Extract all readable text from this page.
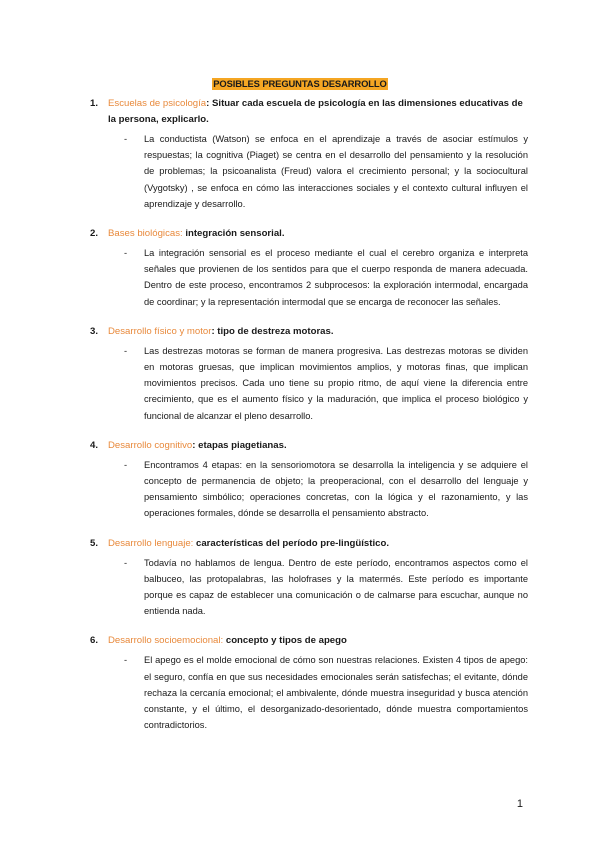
POSIBLES PREGUNTAS DESARROLLO
1. Escuelas de psicología: Situar cada escuela de psicología en las dimensiones educativas de la persona, explicarlo.
- La conductista (Watson) se enfoca en el aprendizaje a través de asociar estímulos y respuestas; la cognitiva (Piaget) se centra en el desarrollo del pensamiento y la resolución de problemas; la psicoanalista (Freud) valora el crecimiento personal; y la sociocultural (Vygotsky) , se enfoca en cómo las interacciones sociales y el contexto cultural influyen el aprendizaje y desarrollo.
2. Bases biológicas: integración sensorial.
- La integración sensorial es el proceso mediante el cual el cerebro organiza e interpreta señales que provienen de los sentidos para que el cuerpo responda de manera adecuada. Dentro de este proceso, encontramos 2 subprocesos: la exploración intermodal, encargada de coordinar; y la representación intermodal que se encarga de reconocer las señales.
3. Desarrollo físico y motor: tipo de destreza motoras.
- Las destrezas motoras se forman de manera progresiva. Las destrezas motoras se dividen en motoras gruesas, que implican movimientos amplios, y motoras finas, que implican movimientos precisos. Cada uno tiene su propio ritmo, de aquí viene la diferencia entre crecimiento, que es el aumento físico y la maduración, que implica el proceso biológico y funcional de alcanzar el pleno desarrollo.
4. Desarrollo cognitivo: etapas piagetianas.
- Encontramos 4 etapas: en la sensoriomotora se desarrolla la inteligencia y se adquiere el concepto de permanencia de objeto; la preoperacional, con el desarrollo del lenguaje y pensamiento simbólico; operaciones concretas, con la lógica y el razonamiento, y las operaciones formales, dónde se desarrolla el pensamiento abstracto.
5. Desarrollo lenguaje: características del período pre-lingüístico.
- Todavía no hablamos de lengua. Dentro de este período, encontramos aspectos como el balbuceo, las protopalabras, las holofrases y la matermés. Este período es importante porque es capaz de establecer una comunicación o de calmarse para escuchar, aunque no entienda nada.
6. Desarrollo socioemocional: concepto y tipos de apego
- El apego es el molde emocional de cómo son nuestras relaciones. Existen 4 tipos de apego: el seguro, confía en que sus necesidades emocionales serán satisfechas; el evitante, dónde rechaza la cercanía emocional; el ambivalente, dónde muestra inseguridad y busca atención constante, y el último, el desorganizado-desorientado, dónde muestra comportamientos contradictorios.
1
